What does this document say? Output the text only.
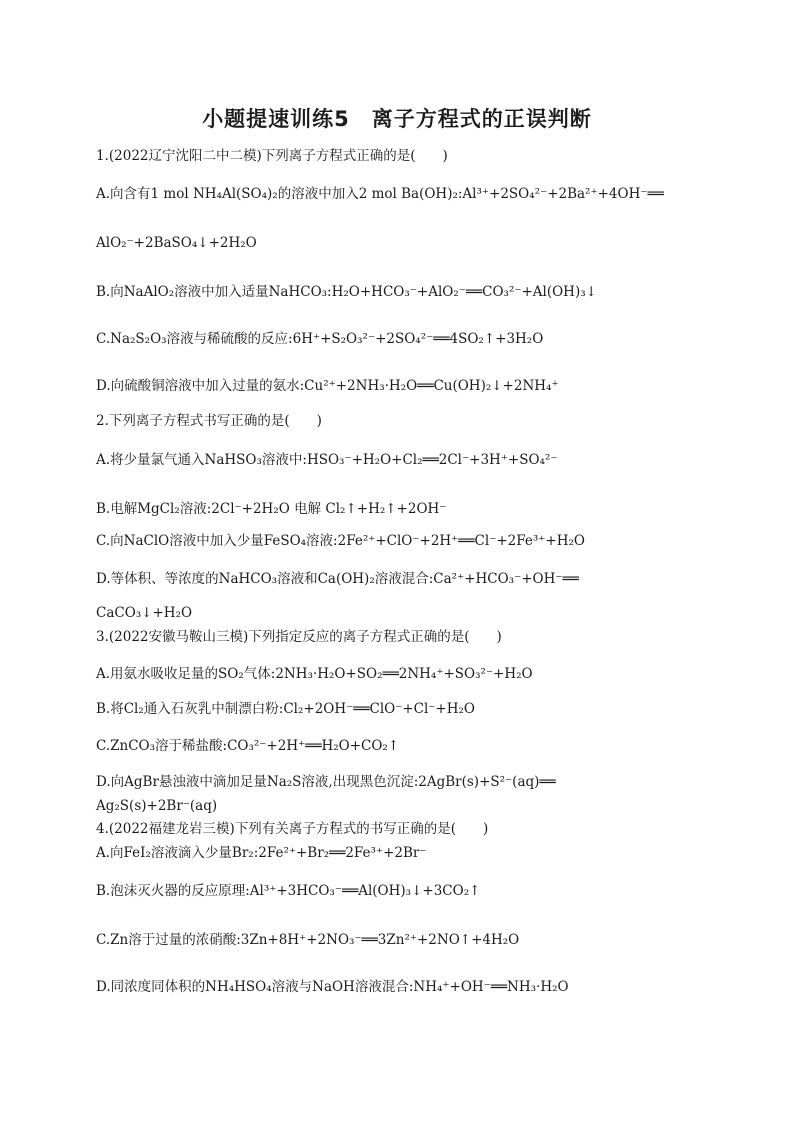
小题提速训练5　离子方程式的正误判断
1.(2022辽宁沈阳二中二模)下列离子方程式正确的是(　　)
A.向含有1 mol NH₄Al(SO₄)₂的溶液中加入2 mol Ba(OH)₂:Al³⁺+2SO₄²⁻+2Ba²⁺+4OH⁻══
AlO₂⁻+2BaSO₄↓+2H₂O
B.向NaAlO₂溶液中加入适量NaHCO₃:H₂O+HCO₃⁻+AlO₂⁻══CO₃²⁻+Al(OH)₃↓
C.Na₂S₂O₃溶液与稀硫酸的反应:6H⁺+S₂O₃²⁻+2SO₄²⁻══4SO₂↑+3H₂O
D.向硫酸铜溶液中加入过量的氨水:Cu²⁺+2NH₃·H₂O══Cu(OH)₂↓+2NH₄⁺
2.下列离子方程式书写正确的是(　　)
A.将少量氯气通入NaHSO₃溶液中:HSO₃⁻+H₂O+Cl₂══2Cl⁻+3H⁺+SO₄²⁻
B.电解MgCl₂溶液:2Cl⁻+2H₂O 电解 Cl₂↑+H₂↑+2OH⁻
C.向NaClO溶液中加入少量FeSO₄溶液:2Fe²⁺+ClO⁻+2H⁺══Cl⁻+2Fe³⁺+H₂O
D.等体积、等浓度的NaHCO₃溶液和Ca(OH)₂溶液混合:Ca²⁺+HCO₃⁻+OH⁻══
CaCO₃↓+H₂O
3.(2022安徽马鞍山三模)下列指定反应的离子方程式正确的是(　　)
A.用氨水吸收足量的SO₂气体:2NH₃·H₂O+SO₂══2NH₄⁺+SO₃²⁻+H₂O
B.将Cl₂通入石灰乳中制漂白粉:Cl₂+2OH⁻══ClO⁻+Cl⁻+H₂O
C.ZnCO₃溶于稀盐酸:CO₃²⁻+2H⁺══H₂O+CO₂↑
D.向AgBr悬浊液中滴加足量Na₂S溶液,出现黑色沉淀:2AgBr(s)+S²⁻(aq)══
Ag₂S(s)+2Br⁻(aq)
4.(2022福建龙岩三模)下列有关离子方程式的书写正确的是(　　)
A.向FeI₂溶液滴入少量Br₂:2Fe²⁺+Br₂══2Fe³⁺+2Br⁻
B.泡沫灭火器的反应原理:Al³⁺+3HCO₃⁻══Al(OH)₃↓+3CO₂↑
C.Zn溶于过量的浓硝酸:3Zn+8H⁺+2NO₃⁻══3Zn²⁺+2NO↑+4H₂O
D.同浓度同体积的NH₄HSO₄溶液与NaOH溶液混合:NH₄⁺+OH⁻══NH₃·H₂O
